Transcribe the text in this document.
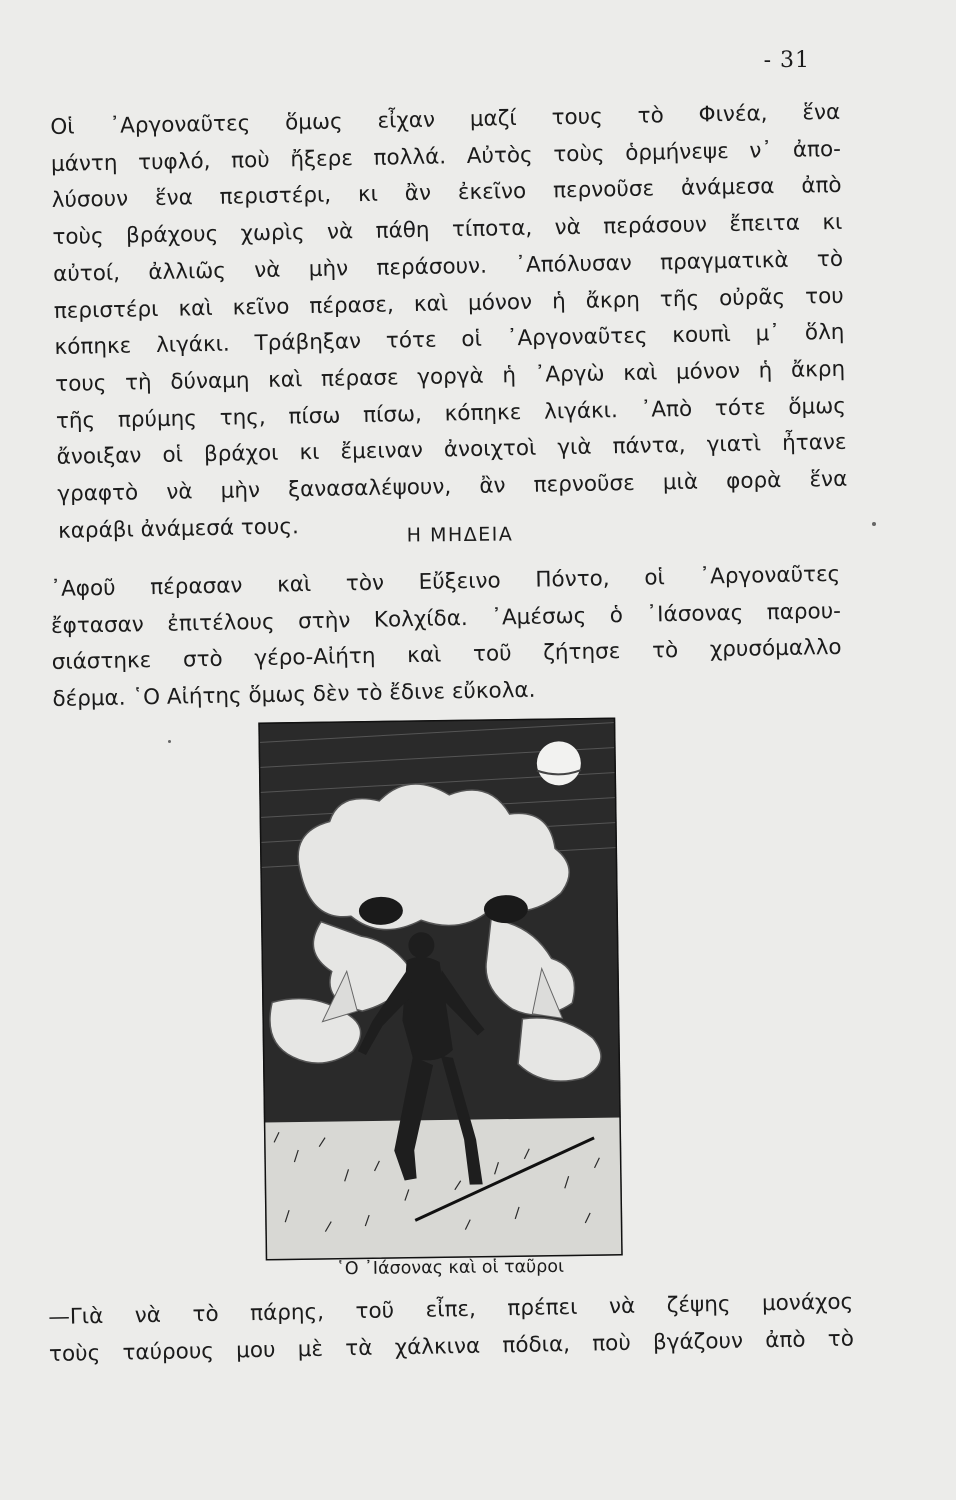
- 31
Οἱ ᾿Αργοναῦτες ὅμως εἶχαν μαζί τους τὸ Φινέα, ἕνα
μάντη τυφλό, ποὺ ἤξερε πολλά. Αὐτὸς τοὺς ὁρμήνεψε ν᾿ ἀπο-
λύσουν ἕνα περιστέρι, κι ἂν ἐκεῖνο περνοῦσε ἀνάμεσα ἀπὸ
τοὺς βράχους χωρὶς νὰ πάθη τίποτα, νὰ περάσουν ἔπειτα κι
αὐτοί, ἀλλιῶς νὰ μὴν περάσουν. ᾿Απόλυσαν πραγματικὰ τὸ
περιστέρι καὶ κεῖνο πέρασε, καὶ μόνον ἡ ἄκρη τῆς οὐρᾶς του
κόπηκε λιγάκι. Τράβηξαν τότε οἱ ᾿Αργοναῦτες κουπὶ μ᾿ ὅλη
τους τὴ δύναμη καὶ πέρασε γοργὰ ἡ ᾿Αργὼ καὶ μόνον ἡ ἄκρη
τῆς πρύμης της, πίσω πίσω, κόπηκε λιγάκι. ᾿Απὸ τότε ὅμως
ἄνοιξαν οἱ βράχοι κι ἔμειναν ἀνοιχτοὶ γιὰ πάντα, γιατὶ ἦτανε
γραφτὸ νὰ μὴν ξανασαλέψουν, ἂν περνοῦσε μιὰ φορὰ ἕνα
καράβι ἀνάμεσά τους.	Η ΜΗΔΕΙΑ
᾿Αφοῦ πέρασαν καὶ τὸν Εὔξεινο Πόντο, οἱ ᾿Αργοναῦτες
ἔφτασαν ἐπιτέλους στὴν Κολχίδα. ᾿Αμέσως ὁ ᾿Ιάσονας παρου-
σιάστηκε στὸ γέρο-Αἰήτη καὶ τοῦ ζήτησε τὸ χρυσόμαλλο
δέρμα. ῾Ο Αἰήτης ὅμως δὲν τὸ ἔδινε εὔκολα.
῾Ο ᾿Ιάσονας καὶ οἱ ταῦροι
—Γιὰ νὰ τὸ πάρης, τοῦ εἶπε, πρέπει νὰ ζέψης μονάχος
τοὺς ταύρους μου μὲ τὰ χάλκινα πόδια, ποὺ βγάζουν ἀπὸ τὸ
